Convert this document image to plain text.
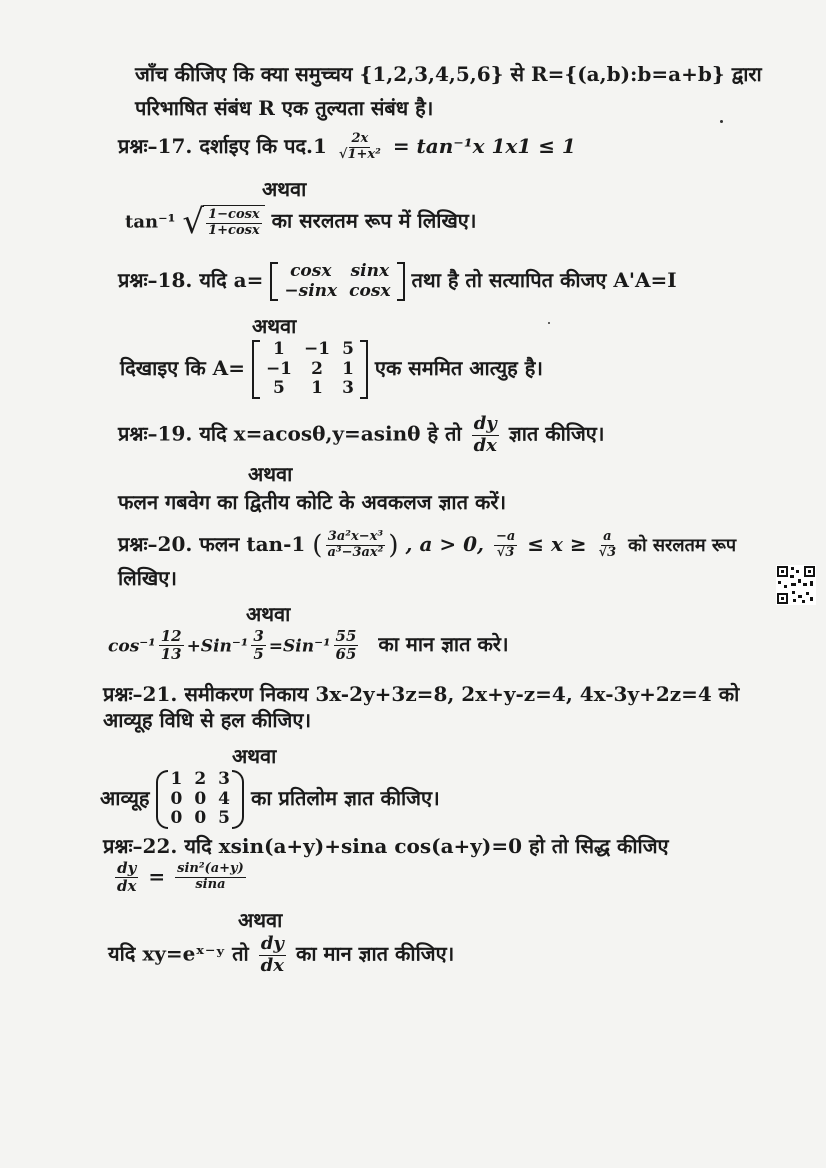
जाँच कीजिए कि क्या समुच्चय {1,2,3,4,5,6} से R={(a,b):b=a+b} द्वारा
परिभाषित संबंध R एक तुल्यता संबंध है।
प्रश्नः–17. दर्शाइए कि पद.1 $\frac{2x}{\text{√1+x²}} = \tan^{-1}x$ 1x1 ≤ 1
अथवा
tan⁻¹ √ $\frac{1-\cos x}{1+\cos x}$ का सरलतम रूप में लिखिए।
प्रश्नः–18. यदि a= cosx	sinx
−sinx	cosx तथा है तो सत्यापित कीजए A'A=I
अथवा
दिखाइए कि A=
1	−1	5
−1	2	1
5	1	3
एक सममित आत्युह है।
प्रश्नः–19. यदि x=acosθ,y=asinθ हे तो $\frac{dy}{dx}$ ज्ञात कीजिए।
अथवा
फलन गबवेग का द्वितीय कोटि के अवकलज ज्ञात करें।
प्रश्नः–20. फलन tan-1 ( $\frac{\text{3a²x−x³}}{\text{a³−3ax²}}$ ) , a > 0, $\frac{-a}{√3} \le x \ge \frac{a}{√3}$ को सरलतम रूप
लिखिए।
अथवा
$\cos^{-1} \frac{12}{13} +Sin^{-1} \frac{3}{5} =Sin^{-1} \frac{55}{65}$ का मान ज्ञात करे।
प्रश्नः–21. समीकरण निकाय 3x-2y+3z=8, 2x+y-z=4, 4x-3y+2z=4 को
आव्यूह विधि से हल कीजिए।
अथवा
आव्यूह
1	2	3
0	0	4
0	0	5
का प्रतिलोम ज्ञात कीजिए।
प्रश्नः–22. यदि xsin(a+y)+sina cos(a+y)=0 हो तो सिद्ध कीजिए
$\frac{dy}{dx} = \frac{\text{sin²(a+y)}}{\sin a}$
अथवा
यदि xy=eˣ⁻ʸ तो $\frac{dy}{dx}$ का मान ज्ञात कीजिए।
